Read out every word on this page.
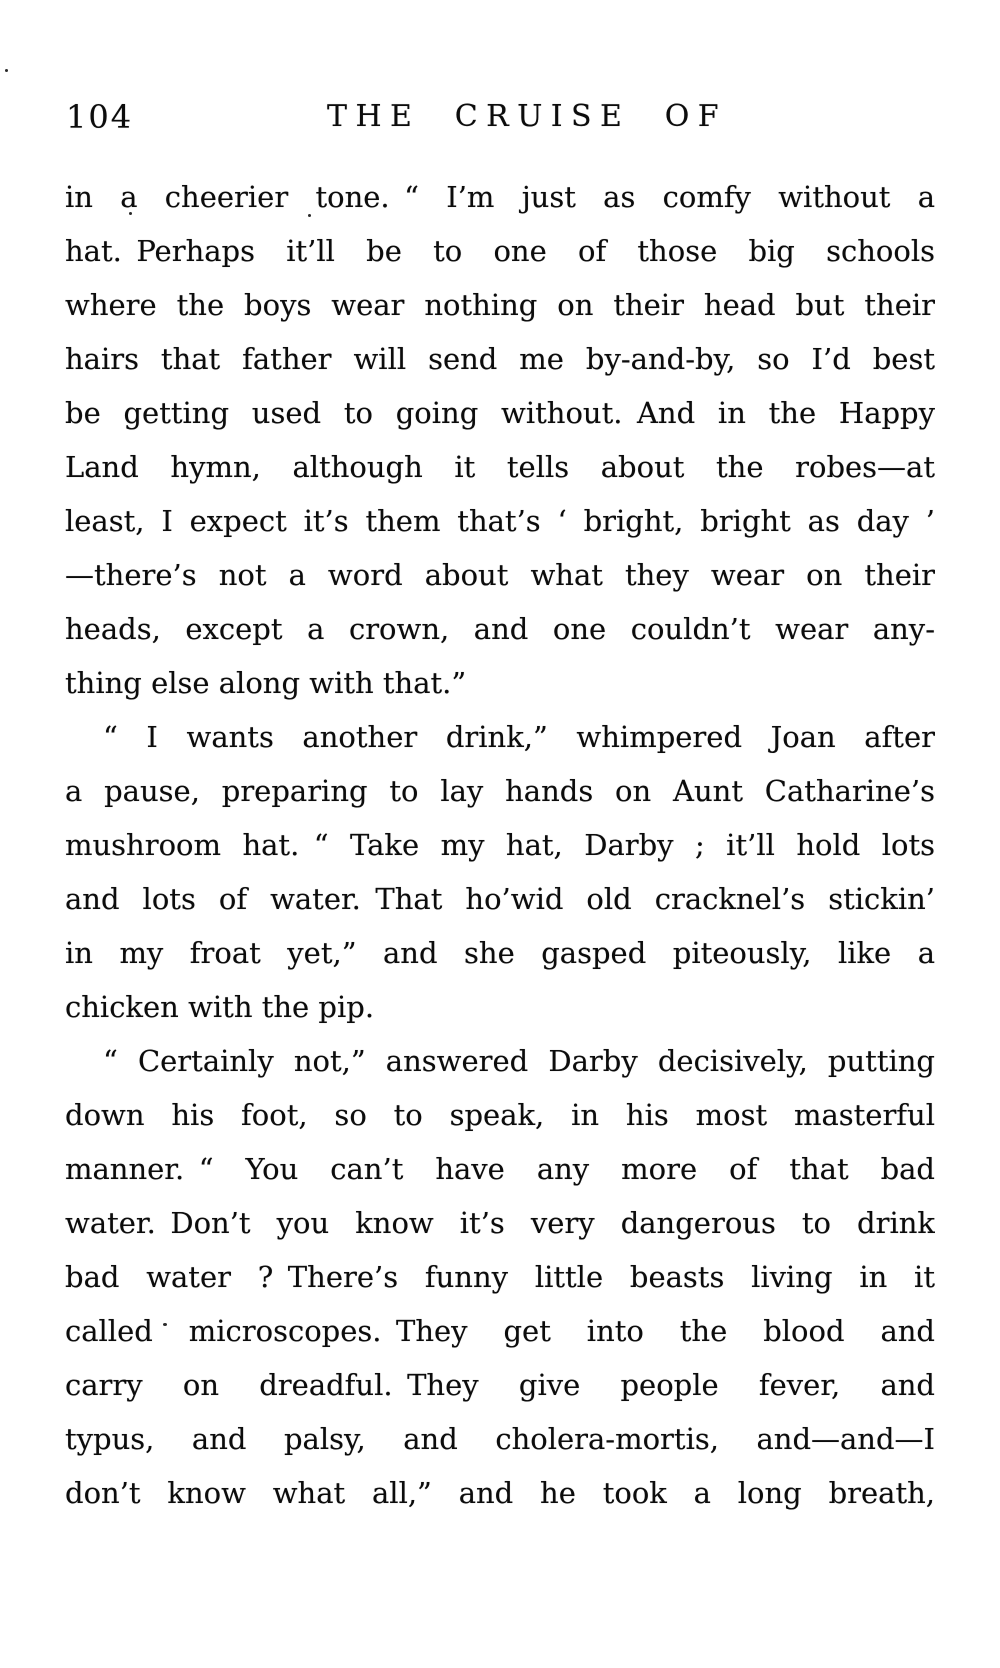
104	THE CRUISE OF
in a cheerier tone. “ I’m just as comfy without a
hat. Perhaps it’ll be to one of those big schools
where the boys wear nothing on their head but their
hairs that father will send me by-and-by, so I’d best
be getting used to going without. And in the Happy
Land hymn, although it tells about the robes—at
least, I expect it’s them that’s ‘ bright, bright as day ’
—there’s not a word about what they wear on their
heads, except a crown, and one couldn’t wear any-
thing else along with that.”
“ I wants another drink,” whimpered Joan after
a pause, preparing to lay hands on Aunt Catharine’s
mushroom hat. “ Take my hat, Darby ; it’ll hold lots
and lots of water. That ho’wid old cracknel’s stickin’
in my froat yet,” and she gasped piteously, like a
chicken with the pip.
“ Certainly not,” answered Darby decisively, putting
down his foot, so to speak, in his most masterful
manner. “ You can’t have any more of that bad
water. Don’t you know it’s very dangerous to drink
bad water ? There’s funny little beasts living in it
called microscopes. They get into the blood and
carry on dreadful. They give people fever, and
typus, and palsy, and cholera-mortis, and—and—I
don’t know what all,” and he took a long breath,
